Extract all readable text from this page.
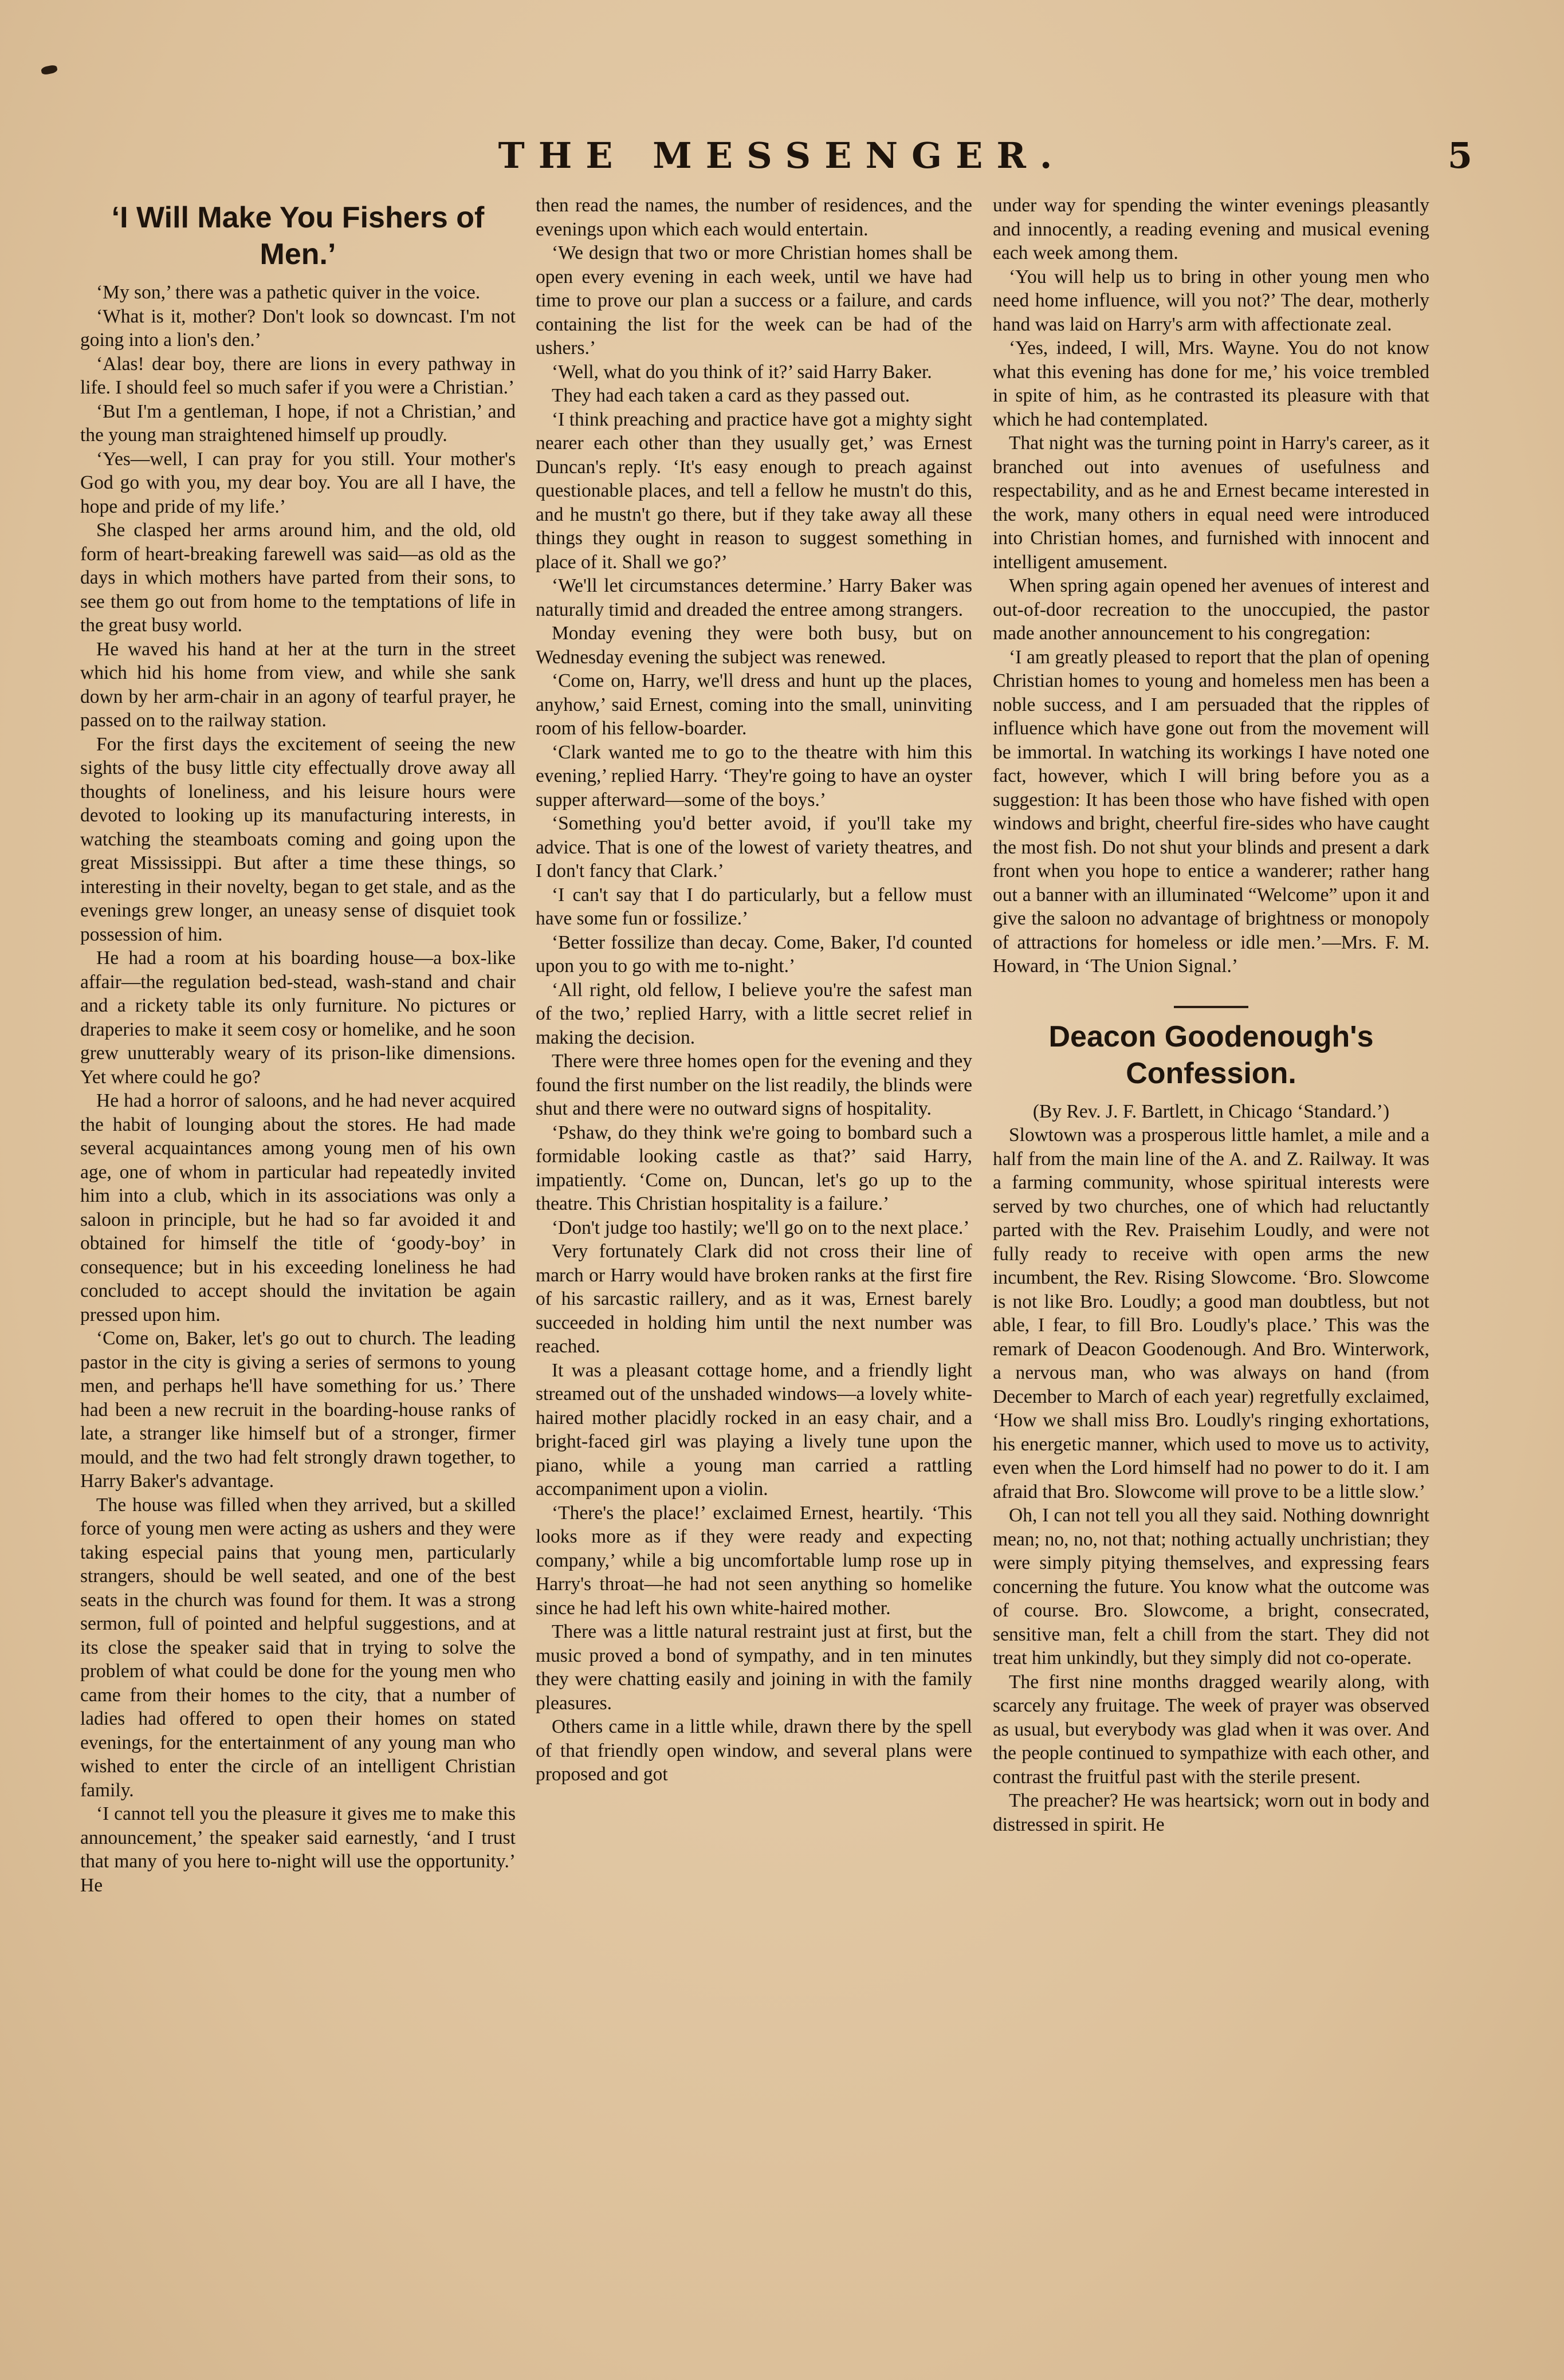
THE MESSENGER.	5
‘I Will Make You Fishers of Men.’

‘My son,’ there was a pathetic quiver in the voice.

‘What is it, mother? Don't look so downcast. I'm not going into a lion's den.’

‘Alas! dear boy, there are lions in every pathway in life. I should feel so much safer if you were a Christian.’

‘But I'm a gentleman, I hope, if not a Christian,’ and the young man straightened himself up proudly.

‘Yes—well, I can pray for you still. Your mother's God go with you, my dear boy. You are all I have, the hope and pride of my life.’

She clasped her arms around him, and the old, old form of heart-breaking farewell was said—as old as the days in which mothers have parted from their sons, to see them go out from home to the temptations of life in the great busy world.

He waved his hand at her at the turn in the street which hid his home from view, and while she sank down by her arm-chair in an agony of tearful prayer, he passed on to the railway station.

For the first days the excitement of seeing the new sights of the busy little city effectually drove away all thoughts of loneliness, and his leisure hours were devoted to looking up its manufacturing interests, in watching the steamboats coming and going upon the great Mississippi. But after a time these things, so interesting in their novelty, began to get stale, and as the evenings grew longer, an uneasy sense of disquiet took possession of him.

He had a room at his boarding house—a box-like affair—the regulation bed-stead, wash-stand and chair and a rickety table its only furniture. No pictures or draperies to make it seem cosy or homelike, and he soon grew unutterably weary of its prison-like dimensions. Yet where could he go?

He had a horror of saloons, and he had never acquired the habit of lounging about the stores. He had made several acquaintances among young men of his own age, one of whom in particular had repeatedly invited him into a club, which in its associations was only a saloon in principle, but he had so far avoided it and obtained for himself the title of ‘goody-boy’ in consequence; but in his exceeding loneliness he had concluded to accept should the invitation be again pressed upon him.

‘Come on, Baker, let's go out to church. The leading pastor in the city is giving a series of sermons to young men, and perhaps he'll have something for us.’ There had been a new recruit in the boarding-house ranks of late, a stranger like himself but of a stronger, firmer mould, and the two had felt strongly drawn together, to Harry Baker's advantage.

The house was filled when they arrived, but a skilled force of young men were acting as ushers and they were taking especial pains that young men, particularly strangers, should be well seated, and one of the best seats in the church was found for them. It was a strong sermon, full of pointed and helpful suggestions, and at its close the speaker said that in trying to solve the problem of what could be done for the young men who came from their homes to the city, that a number of ladies had offered to open their homes on stated evenings, for the entertainment of any young man who wished to enter the circle of an intelligent Christian family.

‘I cannot tell you the pleasure it gives me to make this announcement,’ the speaker said earnestly, ‘and I trust that many of you here to-night will use the opportunity.’ He

then read the names, the number of residences, and the evenings upon which each would entertain.

‘We design that two or more Christian homes shall be open every evening in each week, until we have had time to prove our plan a success or a failure, and cards containing the list for the week can be had of the ushers.’

‘Well, what do you think of it?’ said Harry Baker.

They had each taken a card as they passed out.

‘I think preaching and practice have got a mighty sight nearer each other than they usually get,’ was Ernest Duncan's reply. ‘It's easy enough to preach against questionable places, and tell a fellow he mustn't do this, and he mustn't go there, but if they take away all these things they ought in reason to suggest something in place of it. Shall we go?’

‘We'll let circumstances determine.’ Harry Baker was naturally timid and dreaded the entree among strangers.

Monday evening they were both busy, but on Wednesday evening the subject was renewed.

‘Come on, Harry, we'll dress and hunt up the places, anyhow,’ said Ernest, coming into the small, uninviting room of his fellow-boarder.

‘Clark wanted me to go to the theatre with him this evening,’ replied Harry. ‘They're going to have an oyster supper afterward—some of the boys.’

‘Something you'd better avoid, if you'll take my advice. That is one of the lowest of variety theatres, and I don't fancy that Clark.’

‘I can't say that I do particularly, but a fellow must have some fun or fossilize.’

‘Better fossilize than decay. Come, Baker, I'd counted upon you to go with me to-night.’

‘All right, old fellow, I believe you're the safest man of the two,’ replied Harry, with a little secret relief in making the decision.

There were three homes open for the evening and they found the first number on the list readily, the blinds were shut and there were no outward signs of hospitality.

‘Pshaw, do they think we're going to bombard such a formidable looking castle as that?’ said Harry, impatiently. ‘Come on, Duncan, let's go up to the theatre. This Christian hospitality is a failure.’

‘Don't judge too hastily; we'll go on to the next place.’

Very fortunately Clark did not cross their line of march or Harry would have broken ranks at the first fire of his sarcastic raillery, and as it was, Ernest barely succeeded in holding him until the next number was reached.

It was a pleasant cottage home, and a friendly light streamed out of the unshaded windows—a lovely white-haired mother placidly rocked in an easy chair, and a bright-faced girl was playing a lively tune upon the piano, while a young man carried a rattling accompaniment upon a violin.

‘There's the place!’ exclaimed Ernest, heartily. ‘This looks more as if they were ready and expecting company,’ while a big uncomfortable lump rose up in Harry's throat—he had not seen anything so homelike since he had left his own white-haired mother.

There was a little natural restraint just at first, but the music proved a bond of sympathy, and in ten minutes they were chatting easily and joining in with the family pleasures.

Others came in a little while, drawn there by the spell of that friendly open window, and several plans were proposed and got

under way for spending the winter evenings pleasantly and innocently, a reading evening and musical evening each week among them.

‘You will help us to bring in other young men who need home influence, will you not?’ The dear, motherly hand was laid on Harry's arm with affectionate zeal.

‘Yes, indeed, I will, Mrs. Wayne. You do not know what this evening has done for me,’ his voice trembled in spite of him, as he contrasted its pleasure with that which he had contemplated.

That night was the turning point in Harry's career, as it branched out into avenues of usefulness and respectability, and as he and Ernest became interested in the work, many others in equal need were introduced into Christian homes, and furnished with innocent and intelligent amusement.

When spring again opened her avenues of interest and out-of-door recreation to the unoccupied, the pastor made another announcement to his congregation:

‘I am greatly pleased to report that the plan of opening Christian homes to young and homeless men has been a noble success, and I am persuaded that the ripples of influence which have gone out from the movement will be immortal. In watching its workings I have noted one fact, however, which I will bring before you as a suggestion: It has been those who have fished with open windows and bright, cheerful fire-sides who have caught the most fish. Do not shut your blinds and present a dark front when you hope to entice a wanderer; rather hang out a banner with an illuminated “Welcome” upon it and give the saloon no advantage of brightness or monopoly of attractions for homeless or idle men.’—Mrs. F. M. Howard, in ‘The Union Signal.’

Deacon Goodenough's Confession.

(By Rev. J. F. Bartlett, in Chicago ‘Standard.’)

Slowtown was a prosperous little hamlet, a mile and a half from the main line of the A. and Z. Railway. It was a farming community, whose spiritual interests were served by two churches, one of which had reluctantly parted with the Rev. Praisehim Loudly, and were not fully ready to receive with open arms the new incumbent, the Rev. Rising Slowcome. ‘Bro. Slowcome is not like Bro. Loudly; a good man doubtless, but not able, I fear, to fill Bro. Loudly's place.’ This was the remark of Deacon Goodenough. And Bro. Winterwork, a nervous man, who was always on hand (from December to March of each year) regretfully exclaimed, ‘How we shall miss Bro. Loudly's ringing exhortations, his energetic manner, which used to move us to activity, even when the Lord himself had no power to do it. I am afraid that Bro. Slowcome will prove to be a little slow.’

Oh, I can not tell you all they said. Nothing downright mean; no, no, not that; nothing actually unchristian; they were simply pitying themselves, and expressing fears concerning the future. You know what the outcome was of course. Bro. Slowcome, a bright, consecrated, sensitive man, felt a chill from the start. They did not treat him unkindly, but they simply did not co-operate.

The first nine months dragged wearily along, with scarcely any fruitage. The week of prayer was observed as usual, but everybody was glad when it was over. And the people continued to sympathize with each other, and contrast the fruitful past with the sterile present.

The preacher? He was heartsick; worn out in body and distressed in spirit. He
